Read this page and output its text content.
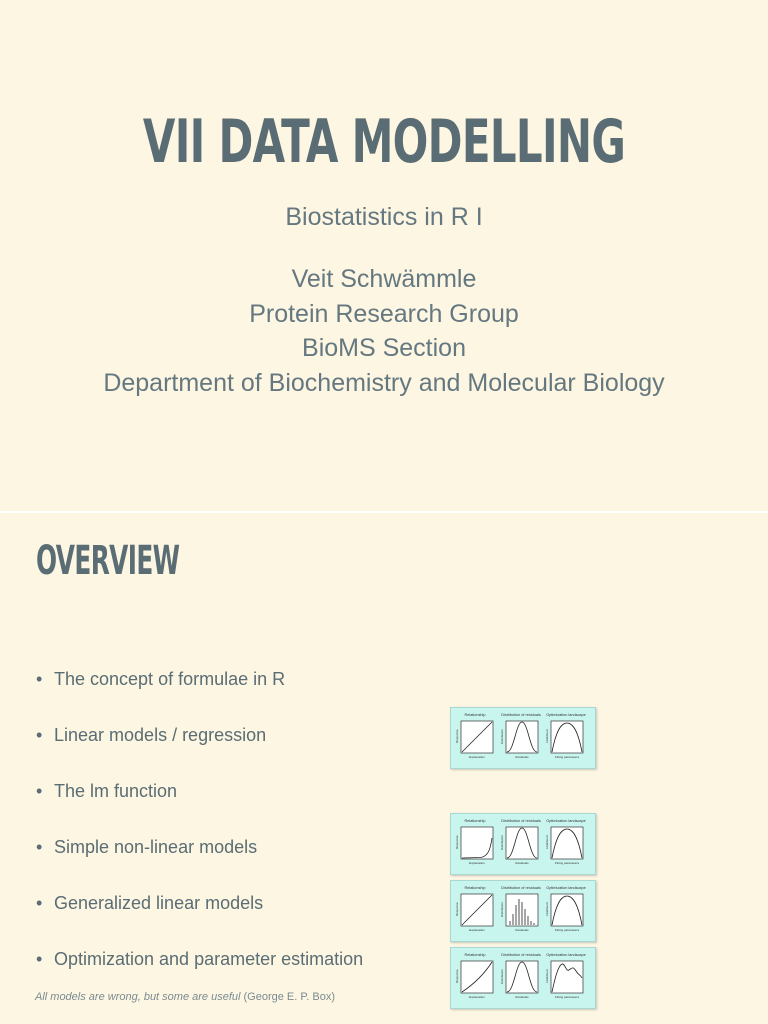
VII DATA MODELLING
Biostatistics in R I
Veit Schwämmle
Protein Research Group
BioMS Section
Department of Biochemistry and Molecular Biology
OVERVIEW
• The concept of formulae in R
• Linear models / regression
• The lm function
• Simple non-linear models
• Generalized linear models
• Optimization and parameter estimation
Relationship	Distribution of residuals Optimization landscape
Explanation	Residuals	Fitting parameters
Response	Distribution	Likelihood
Relationship	Distribution of residuals Optimization landscape
Explanation	Residuals	Fitting parameters
Response	Distribution	Likelihood
Relationship	Distribution of residuals Optimization landscape
Explanation	Residuals	Fitting parameters
Response	Distribution	Likelihood
Relationship	Distribution of residuals Optimization landscape
Explanation	Residuals	Fitting parameters
Response	Distribution	Likelihood
All models are wrong, but some are useful (George E. P. Box)
